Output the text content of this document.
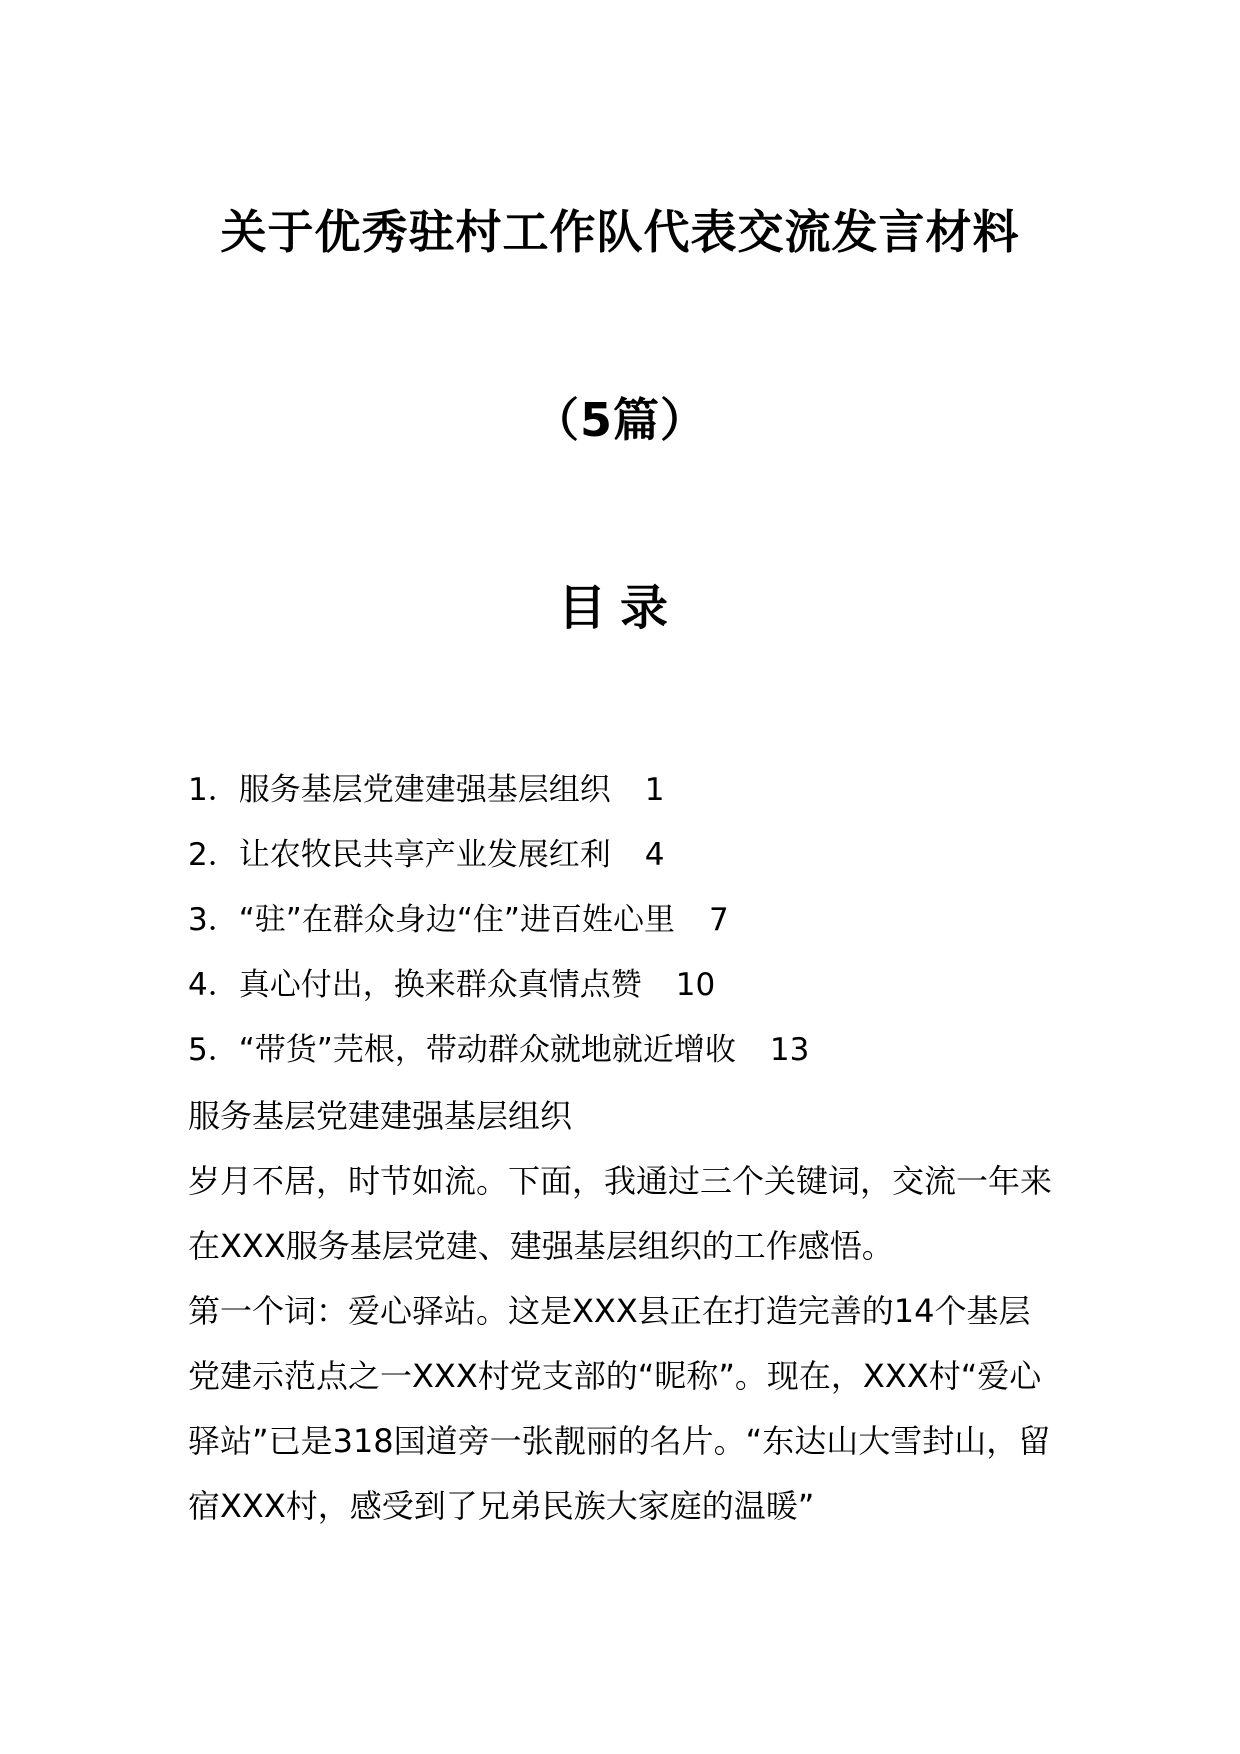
关于优秀驻村工作队代表交流发言材料
（5篇）
目录
1．服务基层党建建强基层组织 1
2．让农牧民共享产业发展红利 4
3．“驻”在群众身边“住”进百姓心里 7
4．真心付出，换来群众真情点赞 10
5．“带货”芫根，带动群众就地就近增收 13

服务基层党建建强基层组织

岁月不居，时节如流。下面，我通过三个关键词，交流一年来在XXX服务基层党建、建强基层组织的工作感悟。

第一个词：爱心驿站。这是XXX县正在打造完善的14个基层党建示范点之一XXX村党支部的“昵称”。现在，XXX村“爱心驿站”已是318国道旁一张靓丽的名片。“东达山大雪封山，留宿XXX村，感受到了兄弟民族大家庭的温暖”
